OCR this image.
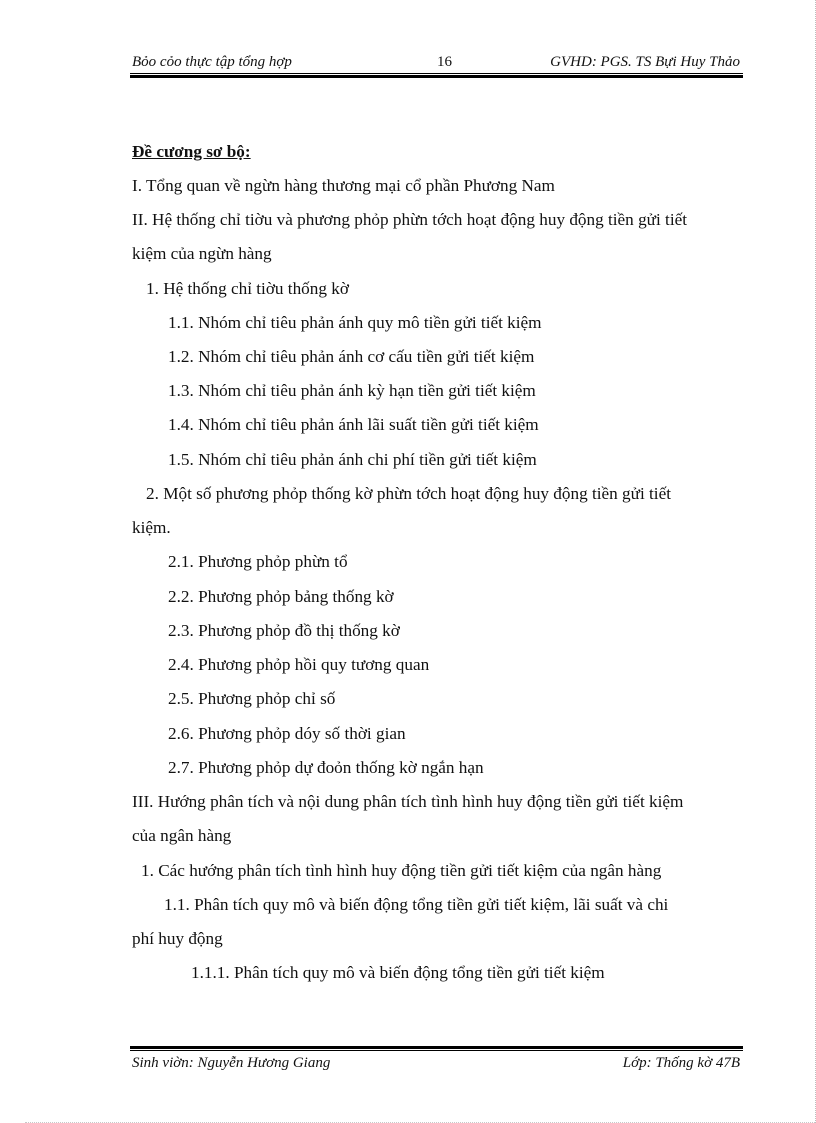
Bỏo cỏo thực tập tổng hợp	16	GVHD: PGS. TS Bựi Huy Thảo
Đề cương sơ bộ:
I. Tổng quan về ngừn hàng thương mại cổ phần Phương Nam
II. Hệ thống chỉ tiờu và phương phỏp phừn tớch hoạt động huy động tiền gửi tiết
kiệm của ngừn hàng
1. Hệ thống chỉ tiờu thống kờ
1.1. Nhóm chỉ tiêu phản ánh quy mô tiền gửi tiết kiệm
1.2. Nhóm chỉ tiêu phản ánh cơ cấu tiền gửi tiết kiệm
1.3. Nhóm chỉ tiêu phản ánh kỳ hạn tiền gửi tiết kiệm
1.4. Nhóm chỉ tiêu phản ánh lãi suất tiền gửi tiết kiệm
1.5. Nhóm chỉ tiêu phản ánh chi phí tiền gửi tiết kiệm
2. Một số phương phỏp thống kờ phừn tớch hoạt động huy động tiền gửi tiết
kiệm.
2.1. Phương phỏp phừn tổ
2.2. Phương phỏp bảng thống kờ
2.3. Phương phỏp đồ thị thống kờ
2.4. Phương phỏp hồi quy tương quan
2.5. Phương phỏp chỉ số
2.6. Phương phỏp dóy số thời gian
2.7. Phương phỏp dự đoỏn thống kờ ngắn hạn
III. Hướng phân tích và nội dung phân tích tình hình huy động tiền gửi tiết kiệm
của ngân hàng
1. Các hướng phân tích tình hình huy động tiền gửi tiết kiệm của ngân hàng
1.1. Phân tích quy mô và biến động tổng tiền gửi tiết kiệm, lãi suất và chi
phí huy động
1.1.1. Phân tích quy mô và biến động tổng tiền gửi tiết kiệm
Sinh viờn: Nguyễn Hương Giang	Lớp: Thống kờ 47B
